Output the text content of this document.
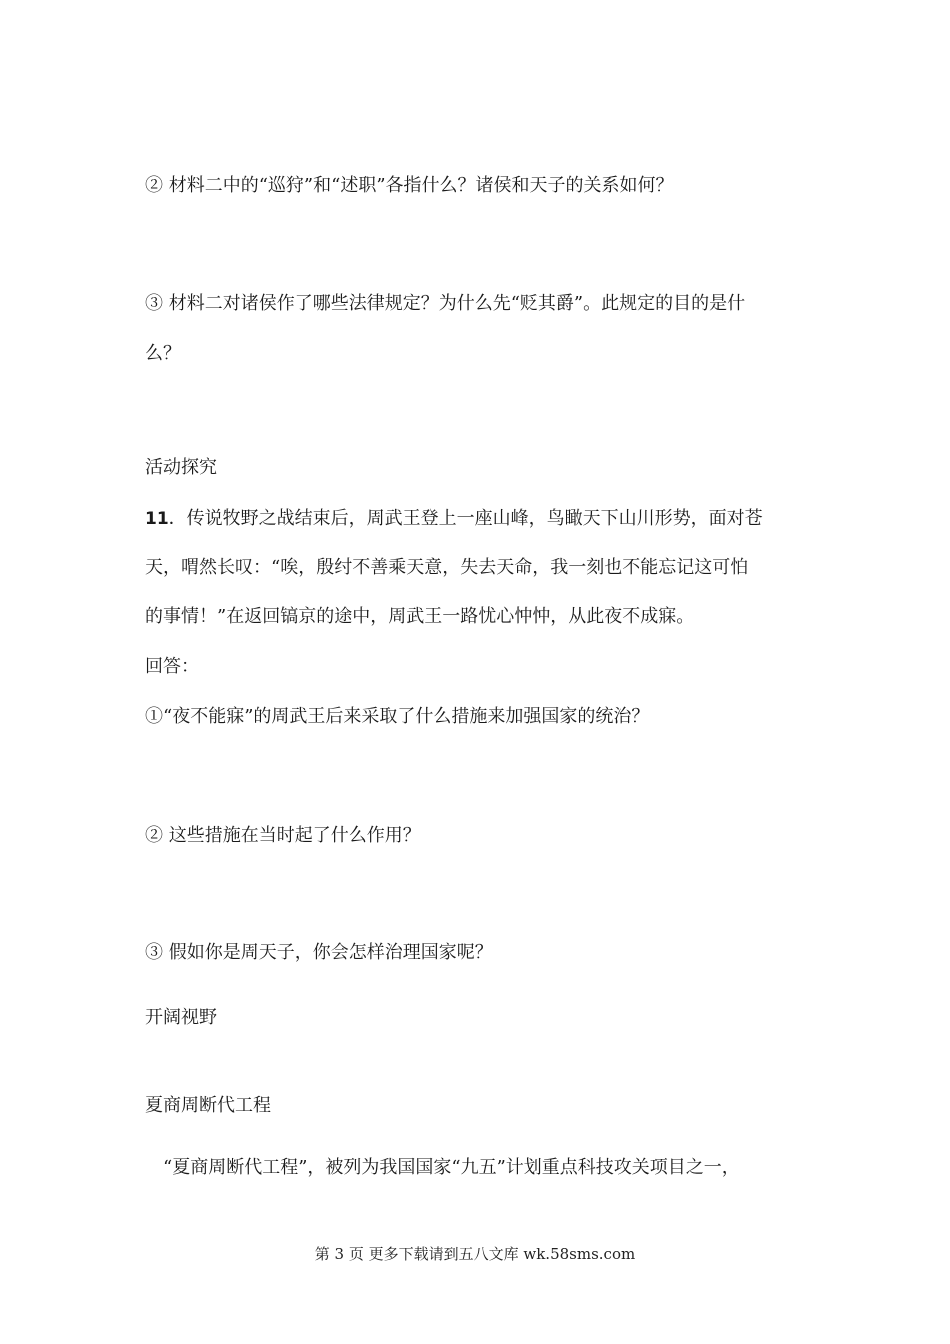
② 材料二中的“巡狩”和“述职”各指什么？诸侯和天子的关系如何？
③ 材料二对诸侯作了哪些法律规定？为什么先“贬其爵”。此规定的目的是什
么？
活动探究
11．传说牧野之战结束后，周武王登上一座山峰，鸟瞰天下山川形势，面对苍
天，喟然长叹：“唉，殷纣不善乘天意，失去天命，我一刻也不能忘记这可怕
的事情！”在返回镐京的途中，周武王一路忧心忡忡，从此夜不成寐。
回答：
①“夜不能寐”的周武王后来采取了什么措施来加强国家的统治？
② 这些措施在当时起了什么作用？
③ 假如你是周天子，你会怎样治理国家呢？
开阔视野
夏商周断代工程
“夏商周断代工程”，被列为我国国家“九五”计划重点科技攻关项目之一，
第 3 页 更多下载请到五八文库 wk.58sms.com
